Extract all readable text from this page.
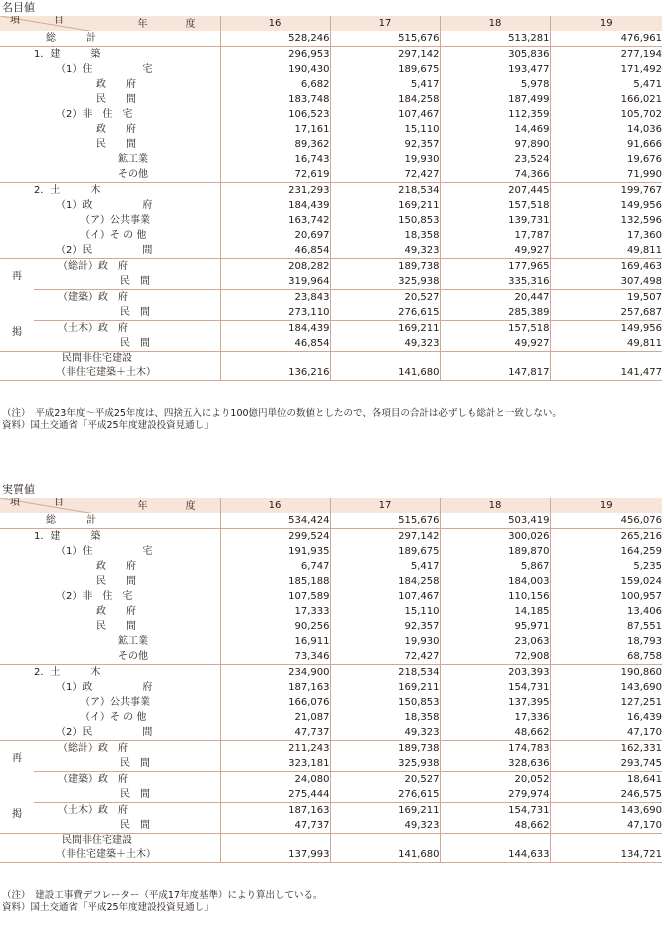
名目値
年　度
項　目		16	17	18	19

総　　　計		528,246	515,676	513,281	476,961

1．建　　　築		296,953	297,142	305,836	277,194

（1）住　　　　　宅		190,430	189,675	193,477	171,492

政　　府		6,682	5,417	5,978	5,471

民　　間		183,748	184,258	187,499	166,021

（2）非　住　宅		106,523	107,467	112,359	105,702

政　　府		17,161	15,110	14,469	14,036

民　　間		89,362	92,357	97,890	91,666

鉱工業		16,743	19,930	23,524	19,676

その他		72,619	72,427	74,366	71,990

2．土　　　木		231,293	218,534	207,445	199,767

（1）政　　　　　府		184,439	169,211	157,518	149,956

（ア）公共事業		163,742	150,853	139,731	132,596

（イ）そ の 他		20,697	18,358	17,787	17,360

（2）民　　　　　間		46,854	49,323	49,927	49,811

再
掲	（総計）政　府	208,282	189,738	177,965	169,463

	民　間	319,964	325,938	335,316	307,498

	（建築）政　府	23,843	20,527	20,447	19,507

	民　間	273,110	276,615	285,389	257,687

	（土木）政　府	184,439	169,211	157,518	149,956

	民　間	46,854	49,323	49,927	49,811

民間非住宅建設
（非住宅建築＋土木）		136,216	141,680	147,817	141,477
（注）　平成23年度～平成25年度は、四捨五入により100億円単位の数値としたので、各項目の合計は必ずしも総計と一致しない。
資料）国土交通省「平成25年度建設投資見通し」
実質値
年　度
項　目		16	17	18	19

総　　　計		534,424	515,676	503,419	456,076

1．建　　　築		299,524	297,142	300,026	265,216

（1）住　　　　　宅		191,935	189,675	189,870	164,259

政　　府		6,747	5,417	5,867	5,235

民　　間		185,188	184,258	184,003	159,024

（2）非　住　宅		107,589	107,467	110,156	100,957

政　　府		17,333	15,110	14,185	13,406

民　　間		90,256	92,357	95,971	87,551

鉱工業		16,911	19,930	23,063	18,793

その他		73,346	72,427	72,908	68,758

2．土　　　木		234,900	218,534	203,393	190,860

（1）政　　　　　府		187,163	169,211	154,731	143,690

（ア）公共事業		166,076	150,853	137,395	127,251

（イ）そ の 他		21,087	18,358	17,336	16,439

（2）民　　　　　間		47,737	49,323	48,662	47,170

再
掲	（総計）政　府	211,243	189,738	174,783	162,331

	民　間	323,181	325,938	328,636	293,745

	（建築）政　府	24,080	20,527	20,052	18,641

	民　間	275,444	276,615	279,974	246,575

	（土木）政　府	187,163	169,211	154,731	143,690

	民　間	47,737	49,323	48,662	47,170

民間非住宅建設
（非住宅建築＋土木）		137,993	141,680	144,633	134,721
（注）　建設工事費デフレーター（平成17年度基準）により算出している。
資料）国土交通省「平成25年度建設投資見通し」
